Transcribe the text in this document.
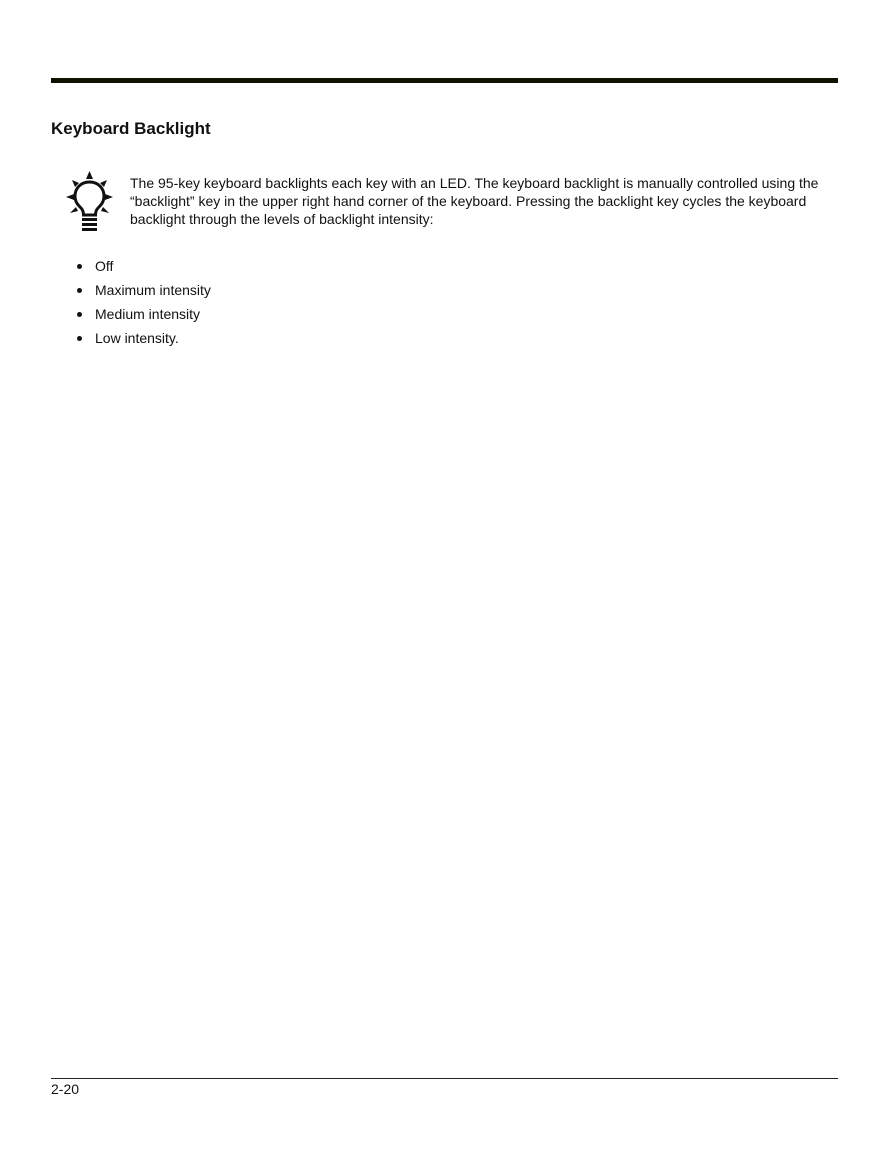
Keyboard Backlight

The 95-key keyboard backlights each key with an LED. The keyboard backlight is manually controlled using the “backlight” key in the upper right hand corner of the keyboard. Pressing the backlight key cycles the keyboard backlight through the levels of backlight intensity:

Off
Maximum intensity
Medium intensity
Low intensity.
2-20
